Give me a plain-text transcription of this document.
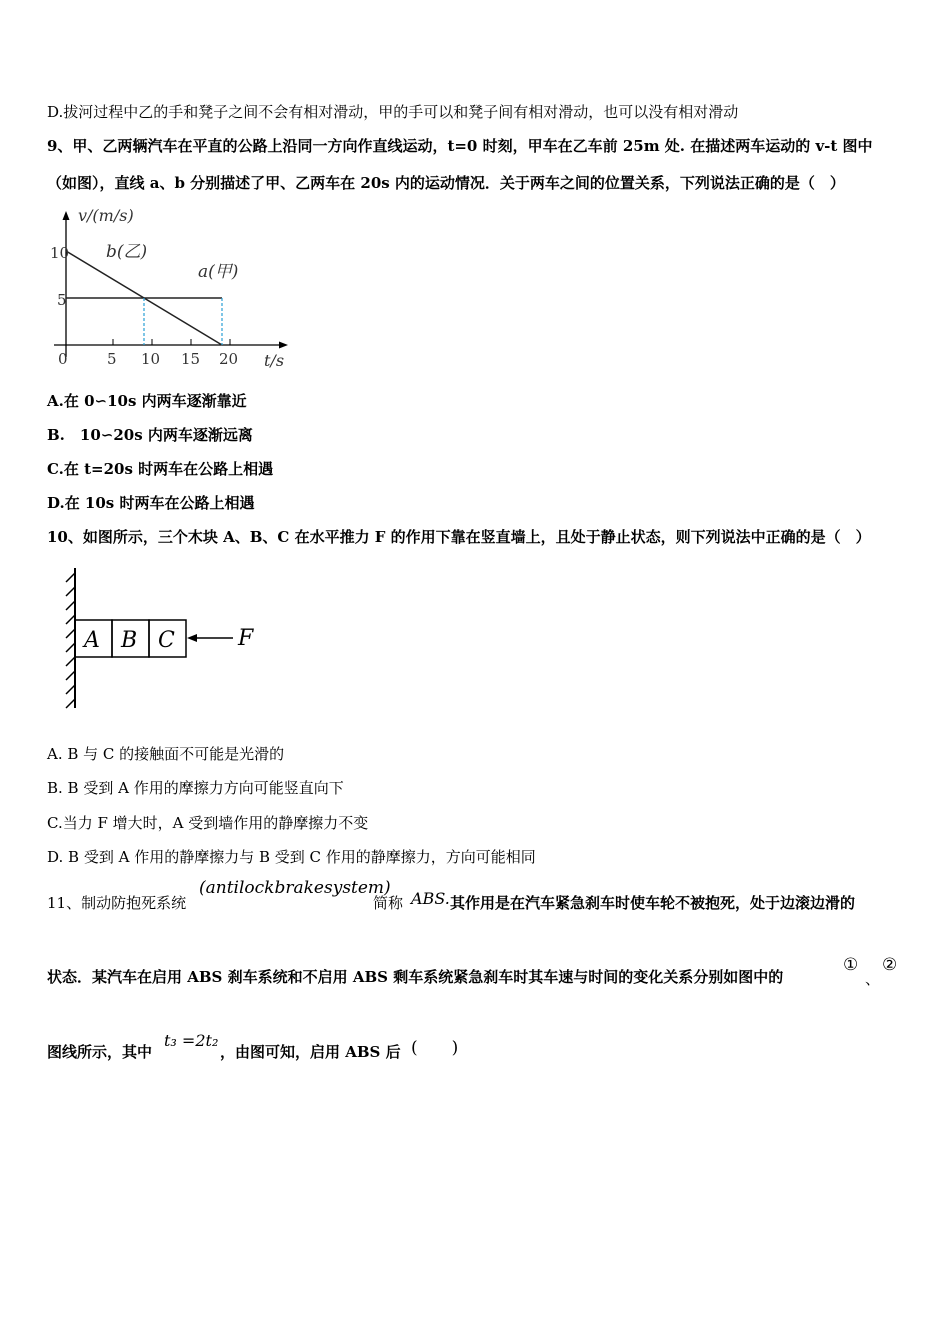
D.拔河过程中乙的手和凳子之间不会有相对滑动，甲的手可以和凳子间有相对滑动，也可以没有相对滑动
9、甲、乙两辆汽车在平直的公路上沿同一方向作直线运动，t=0 时刻，甲车在乙车前 25m 处. 在描述两车运动的 v-t 图中
（如图），直线 a、b 分别描述了甲、乙两车在 20s 内的运动情况．关于两车之间的位置关系，下列说法正确的是（　）
v/(m/s)
b(乙)
a(甲)
10
5
0	5 10 15 20 t/s
A.在 0∽10s 内两车逐渐靠近
B.　10∽20s 内两车逐渐远离
C.在 t=20s 时两车在公路上相遇
D.在 10s 时两车在公路上相遇
10、如图所示，三个木块 A、B、C 在水平推力 F 的作用下靠在竖直墙上，且处于静止状态，则下列说法中正确的是（　）
A B C	F
A. B 与 C 的接触面不可能是光滑的
B. B 受到 A 作用的摩擦力方向可能竖直向下
C.当力 F 增大时，A 受到墙作用的静摩擦力不变
D. B 受到 A 作用的静摩擦力与 B 受到 C 作用的静摩擦力，方向可能相同
11、制动防抱死系统
(antilockbrakesystem)
简称 ABS. 其作用是在汽车紧急刹车时使车轮不被抱死，处于边滚边滑的
状态．某汽车在启用 ABS 刹车系统和不启用 ABS 剩车系统紧急刹车时其车速与时间的变化关系分别如图中的
①
、
②
图线所示，其中
t₃ =2t₂
，由图可知，启用 ABS 后 (　　)
